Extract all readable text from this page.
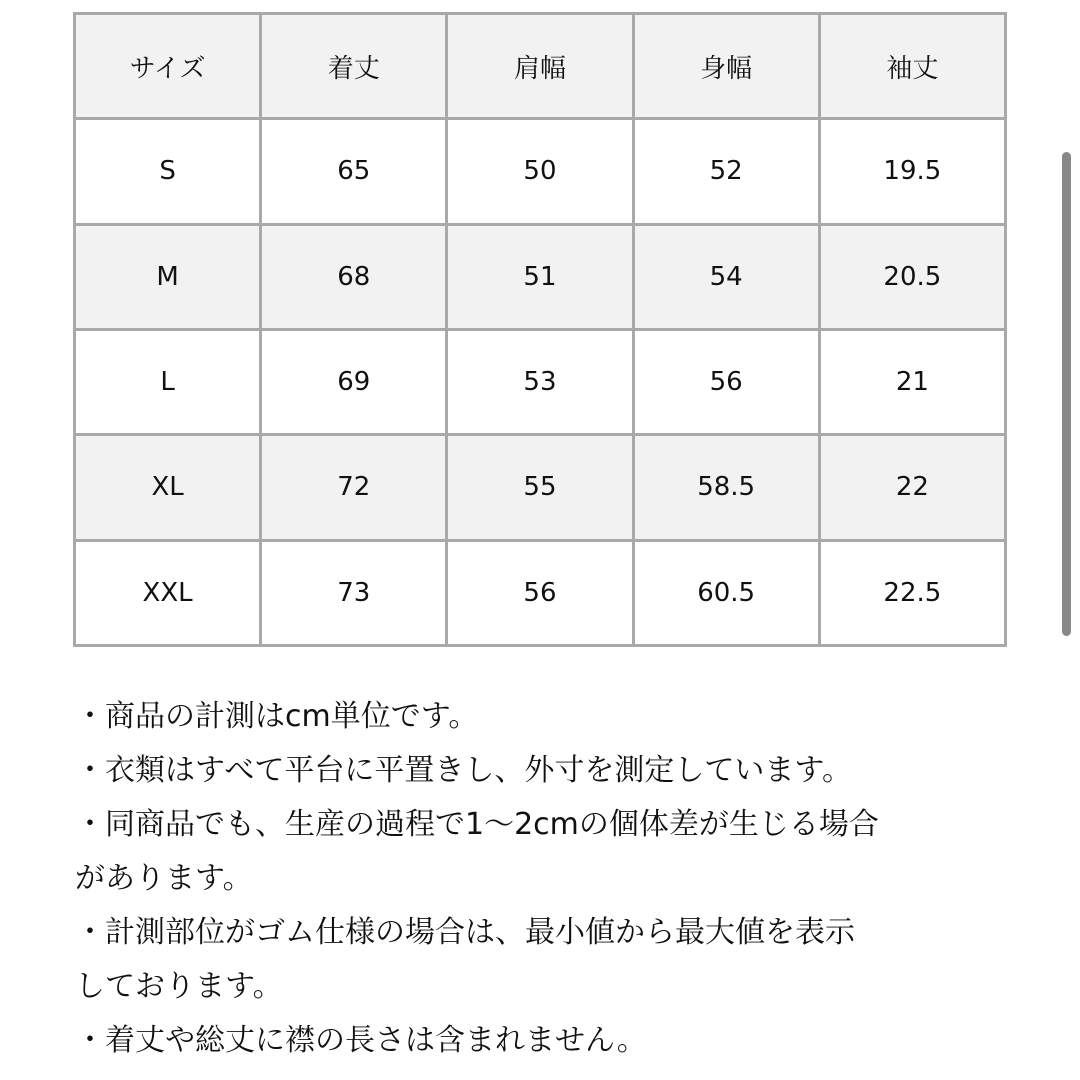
サイズ	着丈	肩幅	身幅	袖丈
S	65	50	52	19.5
M	68	51	54	20.5
L	69	53	56	21
XL	72	55	58.5	22
XXL	73	56	60.5	22.5
・商品の計測はcm単位です。
・衣類はすべて平台に平置きし、外寸を測定しています。
・同商品でも、生産の過程で1〜2cmの個体差が生じる場合
があります。
・計測部位がゴム仕様の場合は、最小値から最大値を表示
しております。
・着丈や総丈に襟の長さは含まれません。
